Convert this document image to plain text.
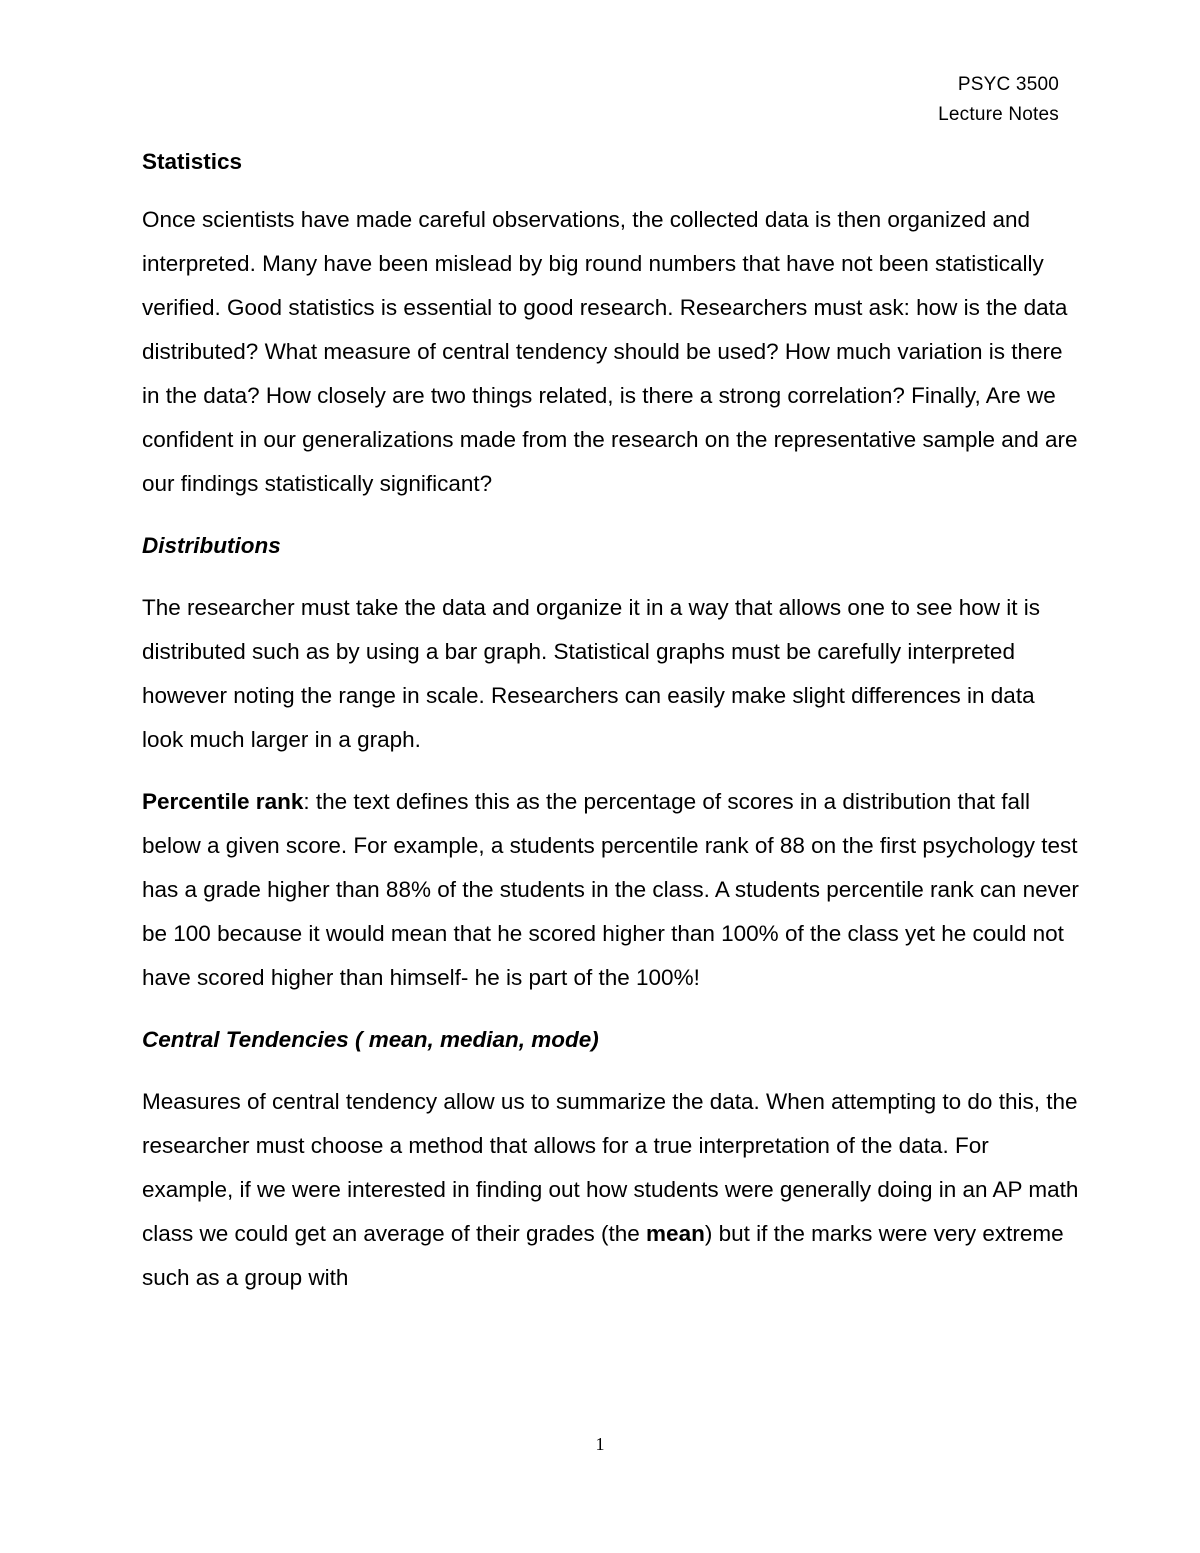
PSYC 3500
Lecture Notes

Statistics

Once scientists have made careful observations, the collected data is then organized and interpreted. Many have been mislead by big round numbers that have not been statistically verified. Good statistics is essential to good research. Researchers must ask: how is the data distributed? What measure of central tendency should be used? How much variation is there in the data? How closely are two things related, is there a strong correlation? Finally, Are we confident in our generalizations made from the research on the representative sample and are our findings statistically significant?

Distributions

The researcher must take the data and organize it in a way that allows one to see how it is distributed such as by using a bar graph. Statistical graphs must be carefully interpreted however noting the range in scale. Researchers can easily make slight differences in data look much larger in a graph.

Percentile rank: the text defines this as the percentage of scores in a distribution that fall below a given score. For example, a students percentile rank of 88 on the first psychology test has a grade higher than 88% of the students in the class. A students percentile rank can never be 100 because it would mean that he scored higher than 100% of the class yet he could not have scored higher than himself- he is part of the 100%!

Central Tendencies ( mean, median, mode)

Measures of central tendency allow us to summarize the data. When attempting to do this, the researcher must choose a method that allows for a true interpretation of the data. For example, if we were interested in finding out how students were generally doing in an AP math class we could get an average of their grades (the mean) but if the marks were very extreme such as a group with

1
